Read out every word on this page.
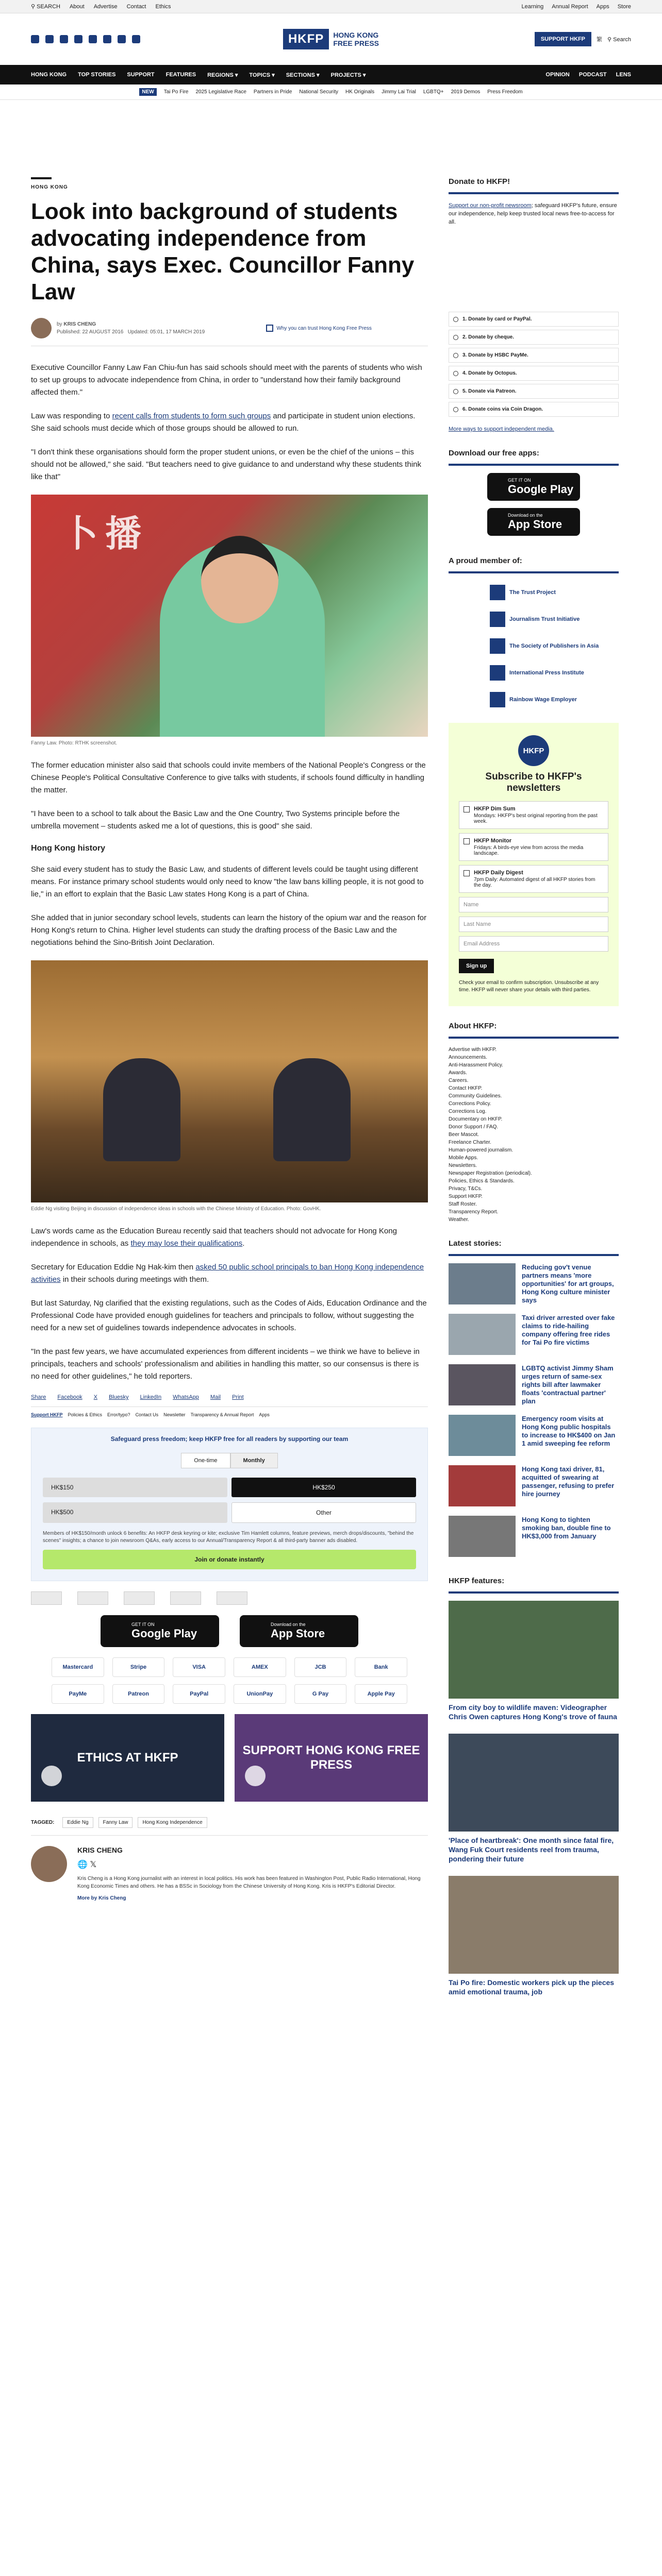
⚲ SEARCH About Advertise Contact Ethics	Learning Annual Report Apps Store
HKFP	HONG KONG
FREE PRESS	SUPPORT HKFP	繁 ⚲ Search
HONG KONG TOP STORIES SUPPORT FEATURES REGIONS ▾ TOPICS ▾ SECTIONS ▾ PROJECTS ▾	OPINION PODCAST LENS
NEW	Tai Po Fire 2025 Legislative Race Partners in Pride National Security HK Originals Jimmy Lai Trial LGBTQ+ 2019 Demos Press Freedom
HONG KONG
Look into background of students advocating independence from China, says Exec. Councillor Fanny Law
by KRIS CHENG
Published: 22 AUGUST 2016 Updated: 05:01, 17 MARCH 2019
Why you can trust Hong Kong Free Press

Executive Councillor Fanny Law Fan Chiu-fun has said schools should meet with the parents of students who wish to set up groups to advocate independence from China, in order to "understand how their family background affected them."

Law was responding to recent calls from students to form such groups and participate in student union elections. She said schools must decide which of those groups should be allowed to run.

"I don't think these organisations should form the proper student unions, or even be the chief of the unions – this should not be allowed," she said. "But teachers need to give guidance to and understand why these students think like that"

卜播
Fanny Law. Photo: RTHK screenshot.

The former education minister also said that schools could invite members of the National People's Congress or the Chinese People's Political Consultative Conference to give talks with students, if schools found difficulty in handling the matter.

"I have been to a school to talk about the Basic Law and the One Country, Two Systems principle before the umbrella movement – students asked me a lot of questions, this is good" she said.

Hong Kong history

She said every student has to study the Basic Law, and students of different levels could be taught using different means. For instance primary school students would only need to know "the law bans killing people, it is not good to lie," in an effort to explain that the Basic Law states Hong Kong is a part of China.

She added that in junior secondary school levels, students can learn the history of the opium war and the reason for Hong Kong's return to China. Higher level students can study the drafting process of the Basic Law and the negotiations behind the Sino-British Joint Declaration.

Eddie Ng visiting Beijing in discussion of independence ideas in schools with the Chinese Ministry of Education. Photo: GovHK.

Law's words came as the Education Bureau recently said that teachers should not advocate for Hong Kong independence in schools, as they may lose their qualifications.

Secretary for Education Eddie Ng Hak-kim then asked 50 public school principals to ban Hong Kong independence activities in their schools during meetings with them.

But last Saturday, Ng clarified that the existing regulations, such as the Codes of Aids, Education Ordinance and the Professional Code have provided enough guidelines for teachers and principals to follow, without suggesting the need for a new set of guidelines towards independence advocates in schools.

"In the past few years, we have accumulated experiences from different incidents – we think we have to believe in principals, teachers and schools' professionalism and abilities in handling this matter, so our consensus is there is no need for other guidelines," he told reporters.

Share Facebook X Bluesky LinkedIn WhatsApp Mail Print
Support HKFP Policies & Ethics Error/typo? Contact Us Newsletter Transparency & Annual Report Apps
Safeguard press freedom; keep HKFP free for all readers by supporting our team
One-time	Monthly
HK$150	HK$250
HK$500	Other
Members of HK$150/month unlock 6 benefits: An HKFP desk keyring or kite; exclusive Tim Hamlett columns, feature previews, merch drops/discounts, "behind the scenes" insights; a chance to join newsroom Q&As, early access to our Annual/Transparency Report & all third-party banner ads disabled.
Join or donate instantly
GET IT ON
Google Play
Download on the
App Store
Mastercard	Stripe	VISA	AMEX	JCB	Bank
PayMe	Patreon	PayPal	UnionPay	G Pay	Apple Pay
ETHICS AT HKFP
SUPPORT HONG KONG FREE PRESS
TAGGED:	Eddie Ng	Fanny Law	Hong Kong Independence
KRIS CHENG
🌐 𝕏

Kris Cheng is a Hong Kong journalist with an interest in local politics. His work has been featured in Washington Post, Public Radio International, Hong Kong Economic Times and others. He has a BSSc in Sociology from the Chinese University of Hong Kong. Kris is HKFP's Editorial Director.

More by Kris Cheng
Donate to HKFP!

Support our non-profit newsroom; safeguard HKFP's future, ensure our independence, help keep trusted local news free-to-access for all.

1. Donate by card or PayPal.
2. Donate by cheque.
3. Donate by HSBC PayMe.
4. Donate by Octopus.
5. Donate via Patreon.
6. Donate coins via Coin Dragon.

More ways to support independent media.

Download our free apps:
GET IT ON
Google Play
Download on the
App Store
A proud member of:
The Trust Project
Journalism Trust Initiative
The Society of Publishers in Asia
International Press Institute
Rainbow Wage Employer
HKFP
Subscribe to HKFP's newsletters
HKFP Dim Sum
Mondays: HKFP's best original reporting from the past week.
HKFP Monitor
Fridays: A birds-eye view from across the media landscape.
HKFP Daily Digest
7pm Daily: Automated digest of all HKFP stories from the day.
Name
Last Name
Email Address
Sign up

Check your email to confirm subscription. Unsubscribe at any time. HKFP will never share your details with third parties.

About HKFP:
Advertise with HKFP.
Announcements.
Anti-Harassment Policy.
Awards.
Careers.
Contact HKFP.
Community Guidelines.
Corrections Policy.
Corrections Log.
Documentary on HKFP.
Donor Support / FAQ.
Beer Mascot.
Freelance Charter.
Human-powered journalism.
Mobile Apps.
Newsletters.
Newspaper Registration (periodical).
Policies, Ethics & Standards.
Privacy, T&Cs.
Support HKFP.
Staff Roster.
Transparency Report.
Weather.
Latest stories:
Reducing gov't venue partners means 'more opportunities' for art groups, Hong Kong culture minister says
Taxi driver arrested over fake claims to ride-hailing company offering free rides for Tai Po fire victims
LGBTQ activist Jimmy Sham urges return of same-sex rights bill after lawmaker floats 'contractual partner' plan
Emergency room visits at Hong Kong public hospitals to increase to HK$400 on Jan 1 amid sweeping fee reform
Hong Kong taxi driver, 81, acquitted of swearing at passenger, refusing to prefer hire journey
Hong Kong to tighten smoking ban, double fine to HK$3,000 from January
HKFP features:
From city boy to wildlife maven: Videographer Chris Owen captures Hong Kong's trove of fauna
'Place of heartbreak': One month since fatal fire, Wang Fuk Court residents reel from trauma, pondering their future
Tai Po fire: Domestic workers pick up the pieces amid emotional trauma, job
